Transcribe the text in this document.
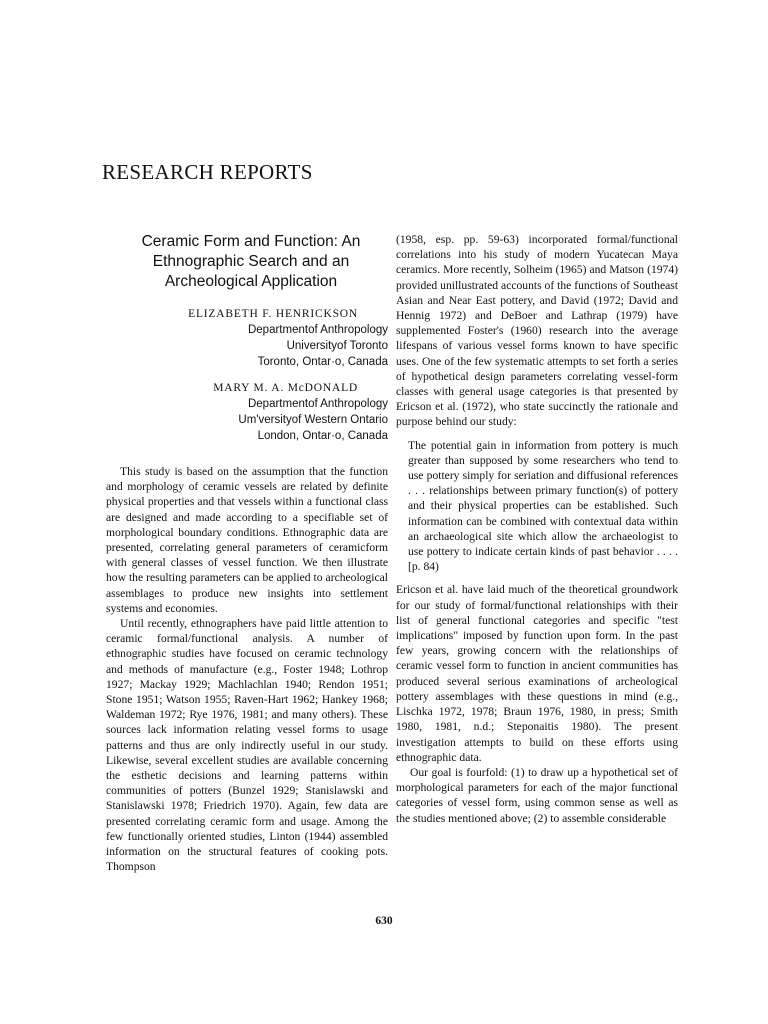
RESEARCH REPORTS
Ceramic Form and Function: An Ethnographic Search and an Archeological Application
ELIZABETH F. HENRICKSON
Departmentof Anthropology
Universityof Toronto
Toronto, Ontar·o, Canada
MARY M. A. McDONALD
Departmentof Anthropology
Um'versityof Western Ontario
London, Ontar·o, Canada

This study is based on the assumption that the function and morphology of ceramic vessels are related by definite physical properties and that vessels within a functional class are designed and made according to a specifiable set of morphological boundary conditions. Ethnographic data are presented, correlating general parameters of ceramicform with general classes of vessel function. We then illustrate how the resulting parameters can be applied to archeological assemblages to produce new insights into settlement systems and economies.

Until recently, ethnographers have paid little attention to ceramic formal/functional analysis. A number of ethnographic studies have focused on ceramic technology and methods of manufacture (e.g., Foster 1948; Lothrop 1927; Mackay 1929; Machlachlan 1940; Rendon 1951; Stone 1951; Watson 1955; Raven-Hart 1962; Hankey 1968; Waldeman 1972; Rye 1976, 1981; and many others). These sources lack information relating vessel forms to usage patterns and thus are only indirectly useful in our study. Likewise, several excellent studies are available concerning the esthetic decisions and learning patterns within communities of potters (Bunzel 1929; Stanislawski and Stanislawski 1978; Friedrich 1970). Again, few data are presented correlating ceramic form and usage. Among the few functionally oriented studies, Linton (1944) assembled information on the structural features of cooking pots. Thompson

(1958, esp. pp. 59-63) incorporated formal/functional correlations into his study of modern Yucatecan Maya ceramics. More recently, Solheim (1965) and Matson (1974) provided unillustrated accounts of the functions of Southeast Asian and Near East pottery, and David (1972; David and Hennig 1972) and DeBoer and Lathrap (1979) have supplemented Foster's (1960) research into the average lifespans of various vessel forms known to have specific uses. One of the few systematic attempts to set forth a series of hypothetical design parameters correlating vessel-form classes with general usage categories is that presented by Ericson et al. (1972), who state succinctly the rationale and purpose behind our study:

The potential gain in information from pottery is much greater than supposed by some researchers who tend to use pottery simply for seriation and diffusional references . . . relationships between primary function(s) of pottery and their physical properties can be established. Such information can be combined with contextual data within an archaeological site which allow the archaeologist to use pottery to indicate certain kinds of past behavior . . . . [p. 84)

Ericson et al. have laid much of the theoretical groundwork for our study of formal/functional relationships with their list of general functional categories and specific "test implications" imposed by function upon form. In the past few years, growing concern with the relationships of ceramic vessel form to function in ancient communities has produced several serious examinations of archeological pottery assemblages with these questions in mind (e.g., Lischka 1972, 1978; Braun 1976, 1980, in press; Smith 1980, 1981, n.d.; Steponaitis 1980). The present investigation attempts to build on these efforts using ethnographic data.

Our goal is fourfold: (1) to draw up a hypothetical set of morphological parameters for each of the major functional categories of vessel form, using common sense as well as the studies mentioned above; (2) to assemble considerable

630
